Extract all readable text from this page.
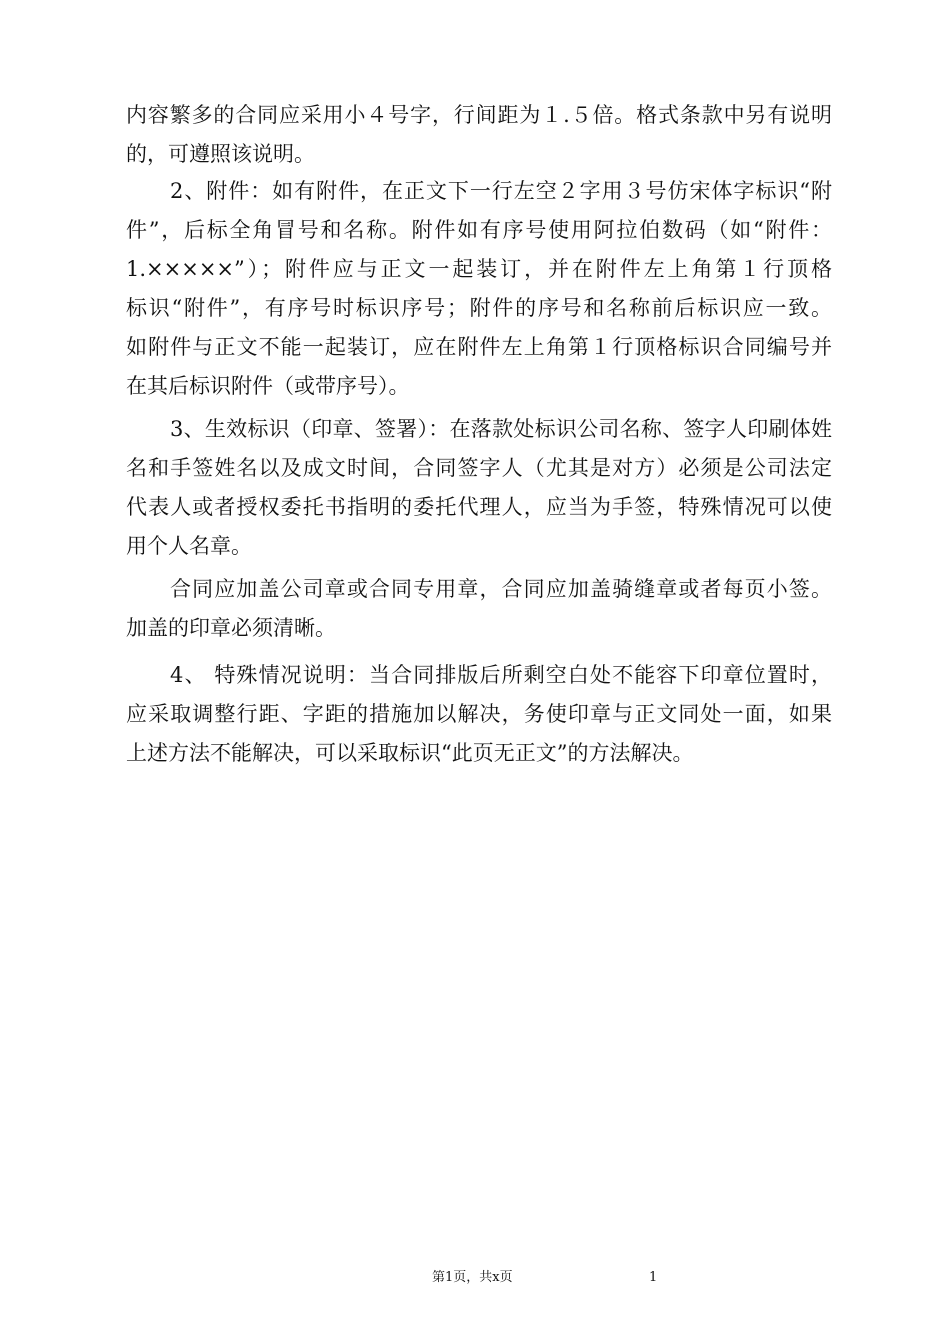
内容繁多的合同应采用小４号字，行间距为１.５倍。格式条款中另有说明
的，可遵照该说明。
2、附件：如有附件，在正文下一行左空２字用３号仿宋体字标识“附
件”，后标全角冒号和名称。附件如有序号使用阿拉伯数码（如“附件：
1.×××××”）；附件应与正文一起装订，并在附件左上角第１行顶格
标识“附件”，有序号时标识序号；附件的序号和名称前后标识应一致。
如附件与正文不能一起装订，应在附件左上角第１行顶格标识合同编号并
在其后标识附件（或带序号）。
3、生效标识（印章、签署）：在落款处标识公司名称、签字人印刷体姓
名和手签姓名以及成文时间，合同签字人（尤其是对方）必须是公司法定
代表人或者授权委托书指明的委托代理人，应当为手签，特殊情况可以使
用个人名章。
合同应加盖公司章或合同专用章，合同应加盖骑缝章或者每页小签。
加盖的印章必须清晰。
4、 特殊情况说明：当合同排版后所剩空白处不能容下印章位置时，
应采取调整行距、字距的措施加以解决，务使印章与正文同处一面，如果
上述方法不能解决，可以采取标识“此页无正文”的方法解决。
第1页，共x页	1
